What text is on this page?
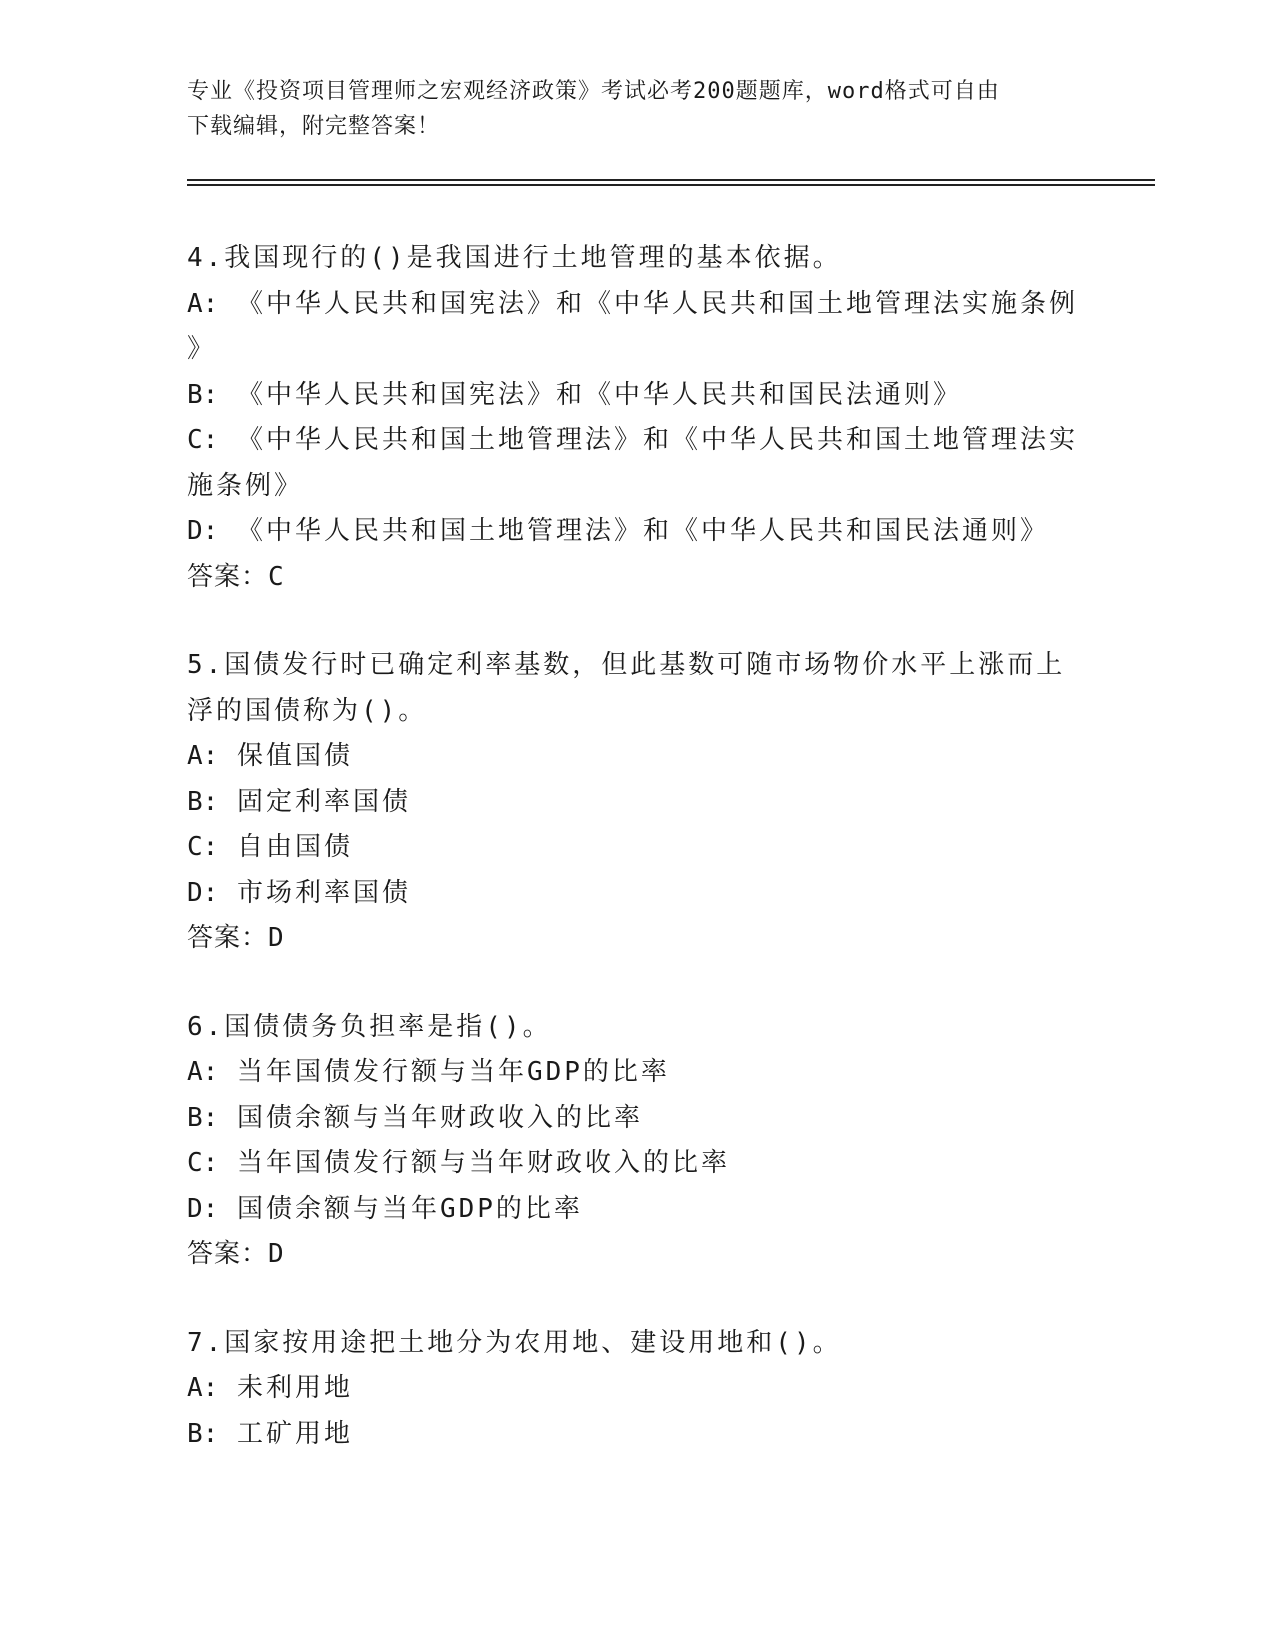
专业《投资项目管理师之宏观经济政策》考试必考200题题库，word格式可自由
下载编辑，附完整答案！

4.我国现行的()是我国进行土地管理的基本依据。

A: 《中华人民共和国宪法》和《中华人民共和国土地管理法实施条例

》

B: 《中华人民共和国宪法》和《中华人民共和国民法通则》

C: 《中华人民共和国土地管理法》和《中华人民共和国土地管理法实

施条例》

D: 《中华人民共和国土地管理法》和《中华人民共和国民法通则》

答案：C

5.国债发行时已确定利率基数，但此基数可随市场物价水平上涨而上

浮的国债称为()。

A: 保值国债

B: 固定利率国债

C: 自由国债

D: 市场利率国债

答案：D

6.国债债务负担率是指()。

A: 当年国债发行额与当年GDP的比率

B: 国债余额与当年财政收入的比率

C: 当年国债发行额与当年财政收入的比率

D: 国债余额与当年GDP的比率

答案：D

7.国家按用途把土地分为农用地、建设用地和()。

A: 未利用地

B: 工矿用地
